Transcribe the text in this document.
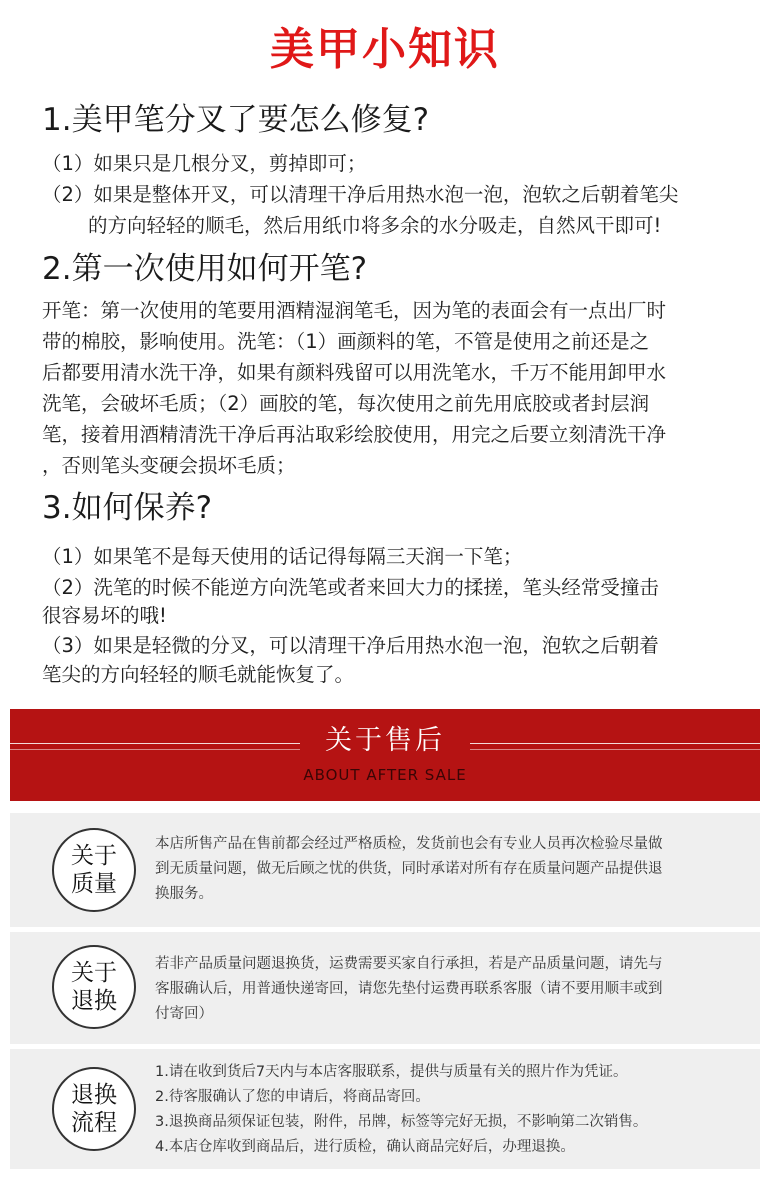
美甲小知识
1.美甲笔分叉了要怎么修复?
（1）如果只是几根分叉，剪掉即可；
（2）如果是整体开叉，可以清理干净后用热水泡一泡，泡软之后朝着笔尖
的方向轻轻的顺毛，然后用纸巾将多余的水分吸走，自然风干即可!
2.第一次使用如何开笔?
开笔：第一次使用的笔要用酒精湿润笔毛，因为笔的表面会有一点出厂时
带的棉胶，影响使用。洗笔：（1）画颜料的笔，不管是使用之前还是之
后都要用清水洗干净，如果有颜料残留可以用洗笔水，千万不能用卸甲水
洗笔，会破坏毛质；（2）画胶的笔，每次使用之前先用底胶或者封层润
笔，接着用酒精清洗干净后再沾取彩绘胶使用，用完之后要立刻清洗干净
，否则笔头变硬会损坏毛质；
3.如何保养?
（1）如果笔不是每天使用的话记得每隔三天润一下笔；
（2）洗笔的时候不能逆方向洗笔或者来回大力的揉搓，笔头经常受撞击
很容易坏的哦!
（3）如果是轻微的分叉，可以清理干净后用热水泡一泡，泡软之后朝着
笔尖的方向轻轻的顺毛就能恢复了。
关于售后
ABOUT AFTER SALE
关于
质量
本店所售产品在售前都会经过严格质检，发货前也会有专业人员再次检验尽量做
到无质量问题，做无后顾之忧的供货，同时承诺对所有存在质量问题产品提供退
换服务。
关于
退换
若非产品质量问题退换货，运费需要买家自行承担，若是产品质量问题，请先与
客服确认后，用普通快递寄回，请您先垫付运费再联系客服（请不要用顺丰或到
付寄回）
退换
流程
1.请在收到货后7天内与本店客服联系，提供与质量有关的照片作为凭证。
2.待客服确认了您的申请后，将商品寄回。
3.退换商品须保证包装，附件，吊牌，标签等完好无损，不影响第二次销售。
4.本店仓库收到商品后，进行质检，确认商品完好后，办理退换。
